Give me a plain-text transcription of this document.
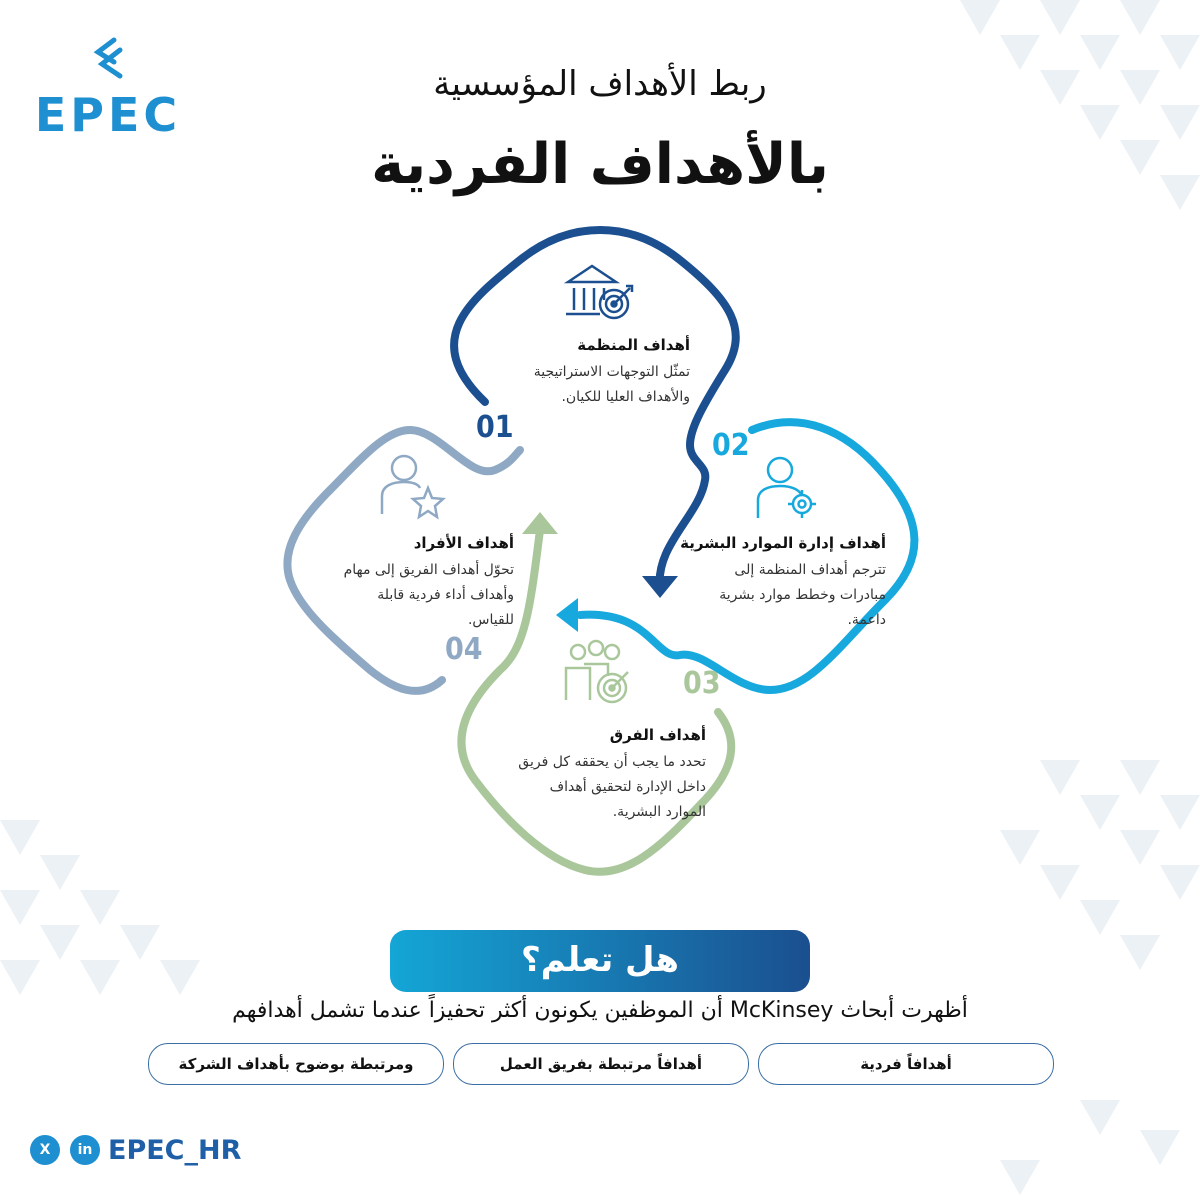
EPEC
ربط الأهداف المؤسسية
بالأهداف الفردية
01
02
03
04
أهداف المنظمة
تمثّل التوجهات الاستراتيجية
والأهداف العليا للكيان.
أهداف إدارة الموارد البشرية
تترجم أهداف المنظمة إلى
مبادرات وخطط موارد بشرية
داعمة.
أهداف الفرق
تحدد ما يجب أن يحققه كل فريق
داخل الإدارة لتحقيق أهداف
الموارد البشرية.
أهداف الأفراد
تحوّل أهداف الفريق إلى مهام
وأهداف أداء فردية قابلة
للقياس.
هل تعلم؟
أظهرت أبحاث McKinsey أن الموظفين يكونون أكثر تحفيزاً عندما تشمل أهدافهم
أهدافاً فردية
أهدافاً مرتبطة بفريق العمل
ومرتبطة بوضوح بأهداف الشركة
X	in EPEC_HR
